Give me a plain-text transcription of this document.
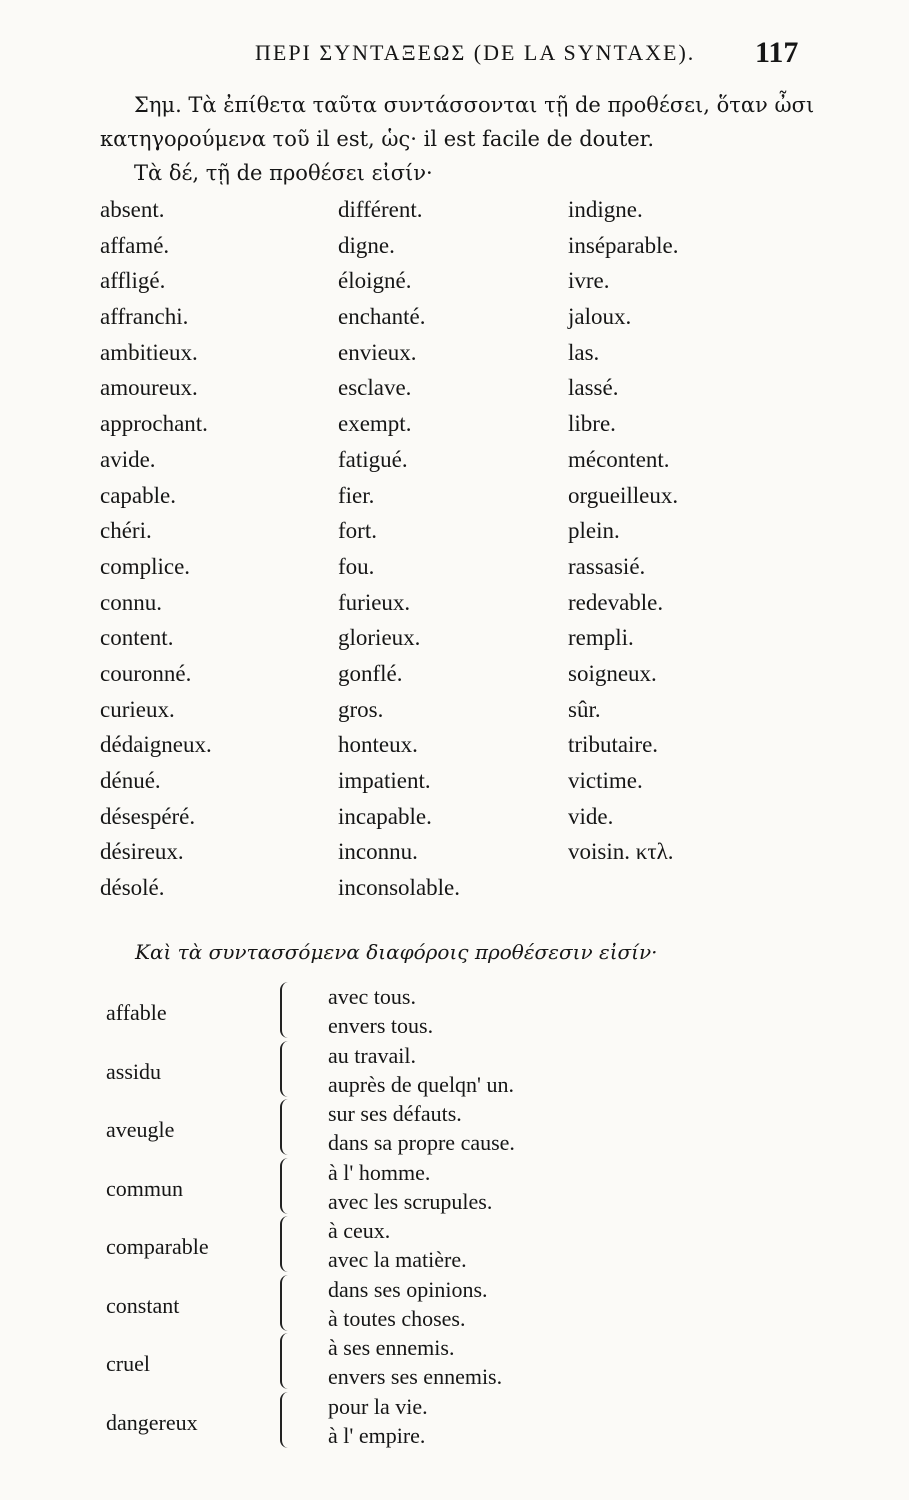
ΠΕΡΙ ΣΥΝΤΑΞΕΩΣ (DE LA SYNTAXE). 117

Σημ. Τὰ ἐπίθετα ταῦτα συντάσσονται τῇ de προθέσει, ὅταν ὦσι

κατηγορούμενα τοῦ il est, ὡς· il est facile de douter.

Τὰ δέ, τῇ de προθέσει εἰσίν·

absent.
affamé.
affligé.
affranchi.
ambitieux.
amoureux.
approchant.
avide.
capable.
chéri.
complice.
connu.
content.
couronné.
curieux.
dédaigneux.
dénué.
désespéré.
désireux.
désolé.
différent.
digne.
éloigné.
enchanté.
envieux.
esclave.
exempt.
fatigué.
fier.
fort.
fou.
furieux.
glorieux.
gonflé.
gros.
honteux.
impatient.
incapable.
inconnu.
inconsolable.
indigne.
inséparable.
ivre.
jaloux.
las.
lassé.
libre.
mécontent.
orgueilleux.
plein.
rassasié.
redevable.
rempli.
soigneux.
sûr.
tributaire.
victime.
vide.
voisin. κτλ.
Καὶ τὰ συντασσόμενα διαφόροις προθέσεσιν εἰσίν·
affable
avec tous.
envers tous.
assidu
au travail.
auprès de quelqn' un.
aveugle
sur ses défauts.
dans sa propre cause.
commun
à l' homme.
avec les scrupules.
comparable
à ceux.
avec la matière.
constant
dans ses opinions.
à toutes choses.
cruel
à ses ennemis.
envers ses ennemis.
dangereux
pour la vie.
à l' empire.
